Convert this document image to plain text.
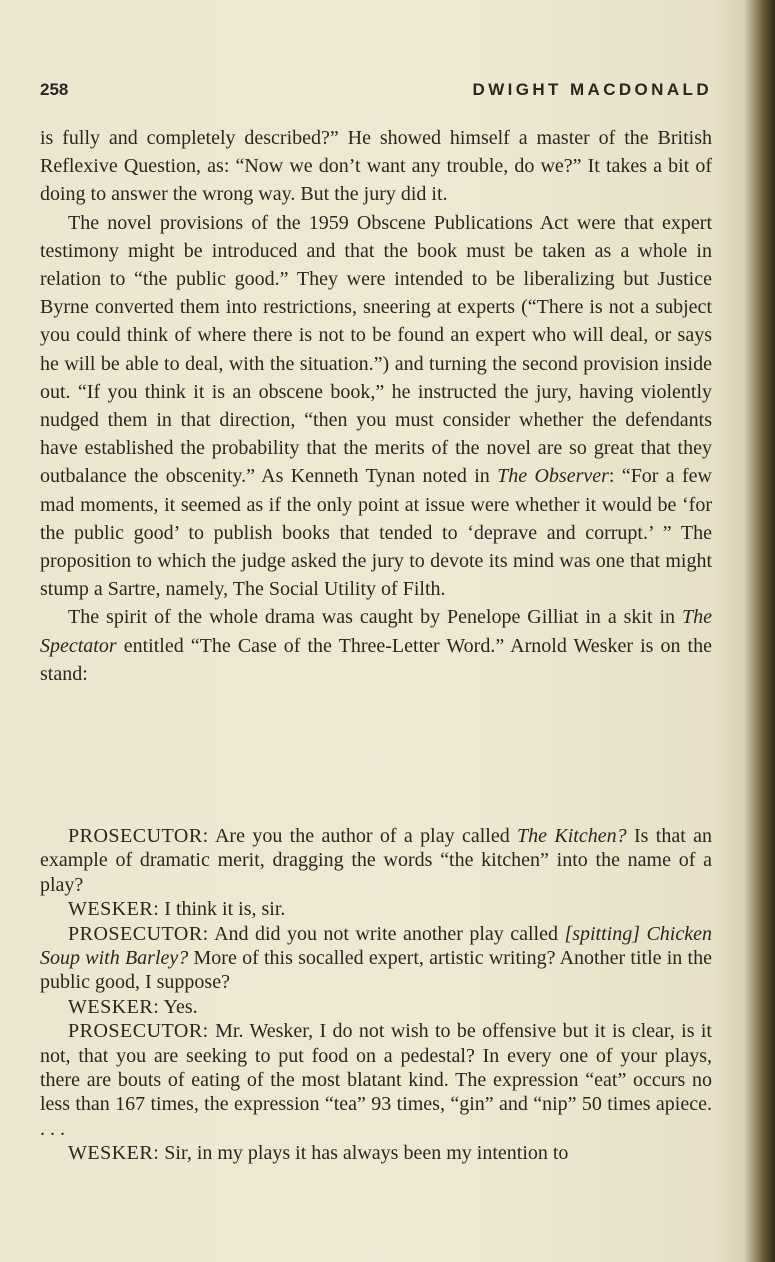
258	DWIGHT MACDONALD

is fully and completely described?” He showed himself a master of the British Reflexive Question, as: “Now we don’t want any trouble, do we?” It takes a bit of doing to answer the wrong way. But the jury did it.

The novel provisions of the 1959 Obscene Publications Act were that expert testimony might be introduced and that the book must be taken as a whole in relation to “the public good.” They were intended to be liberalizing but Justice Byrne converted them into restrictions, sneering at experts (“There is not a subject you could think of where there is not to be found an expert who will deal, or says he will be able to deal, with the situation.”) and turning the second provision inside out. “If you think it is an obscene book,” he instructed the jury, having violently nudged them in that direction, “then you must consider whether the defendants have established the probability that the merits of the novel are so great that they outbalance the obscenity.” As Kenneth Tynan noted in The Observer: “For a few mad moments, it seemed as if the only point at issue were whether it would be ‘for the public good’ to publish books that tended to ‘deprave and corrupt.’ ” The proposition to which the judge asked the jury to devote its mind was one that might stump a Sartre, namely, The Social Utility of Filth.

The spirit of the whole drama was caught by Penelope Gilliat in a skit in The Spectator entitled “The Case of the Three-Letter Word.” Arnold Wesker is on the stand:

PROSECUTOR: Are you the author of a play called The Kitchen? Is that an example of dramatic merit, dragging the words “the kitchen” into the name of a play?

WESKER: I think it is, sir.

PROSECUTOR: And did you not write another play called [spitting] Chicken Soup with Barley? More of this socalled expert, artistic writing? Another title in the public good, I suppose?

WESKER: Yes.

PROSECUTOR: Mr. Wesker, I do not wish to be offensive but it is clear, is it not, that you are seeking to put food on a pedestal? In every one of your plays, there are bouts of eating of the most blatant kind. The expression “eat” occurs no less than 167 times, the expression “tea” 93 times, “gin” and “nip” 50 times apiece. . . .

WESKER: Sir, in my plays it has always been my intention to
